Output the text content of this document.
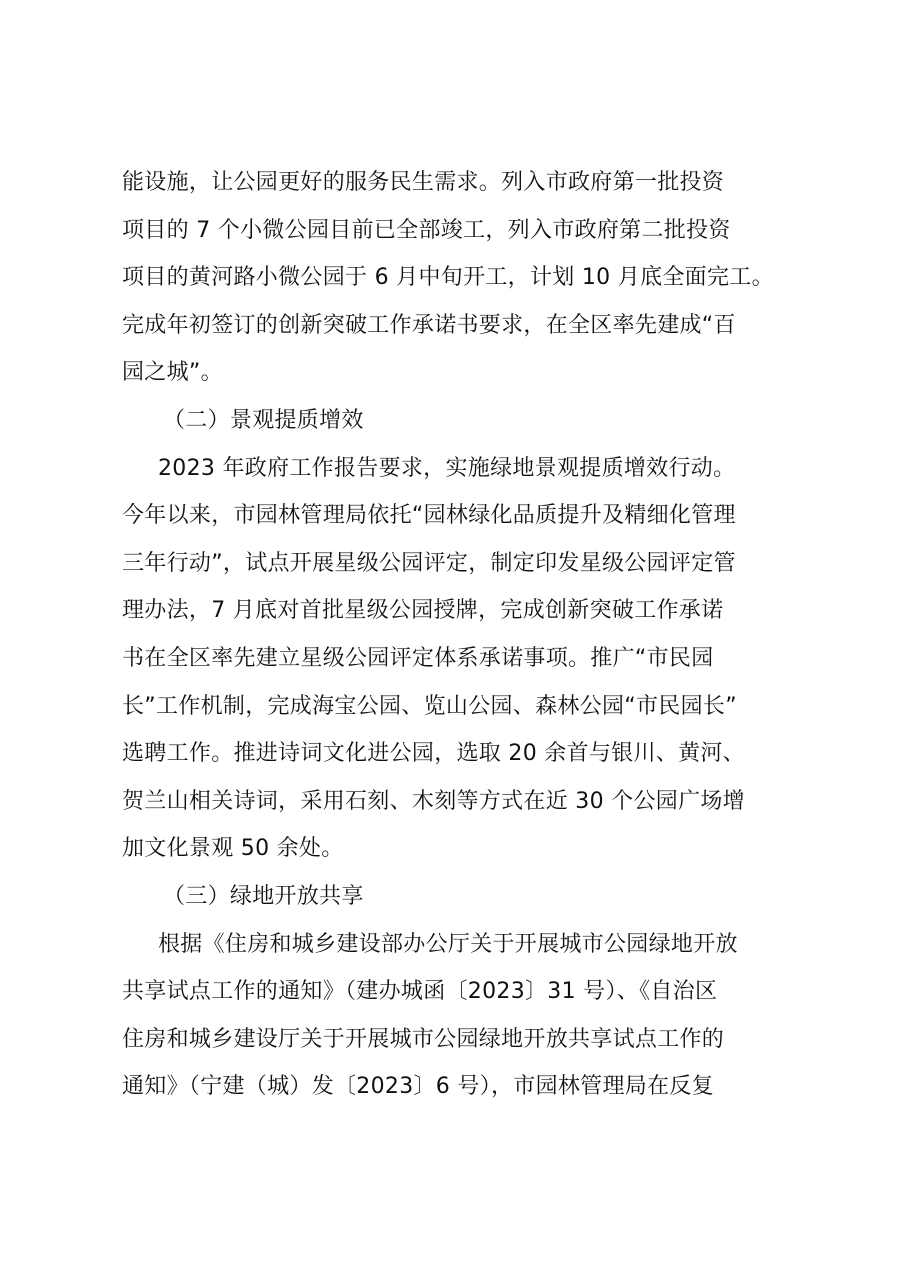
能设施，让公园更好的服务民生需求。列入市政府第一批投资
项目的 7 个小微公园目前已全部竣工，列入市政府第二批投资
项目的黄河路小微公园于 6 月中旬开工，计划 10 月底全面完工。
完成年初签订的创新突破工作承诺书要求，在全区率先建成“百
园之城”。
（二）景观提质增效
2023 年政府工作报告要求，实施绿地景观提质增效行动。
今年以来，市园林管理局依托“园林绿化品质提升及精细化管理
三年行动”，试点开展星级公园评定，制定印发星级公园评定管
理办法，7 月底对首批星级公园授牌，完成创新突破工作承诺
书在全区率先建立星级公园评定体系承诺事项。推广“市民园
长”工作机制，完成海宝公园、览山公园、森林公园“市民园长”
选聘工作。推进诗词文化进公园，选取 20 余首与银川、黄河、
贺兰山相关诗词，采用石刻、木刻等方式在近 30 个公园广场增
加文化景观 50 余处。
（三）绿地开放共享
根据《住房和城乡建设部办公厅关于开展城市公园绿地开放
共享试点工作的通知》（建办城函〔2023〕31 号）、《自治区
住房和城乡建设厅关于开展城市公园绿地开放共享试点工作的
通知》（宁建（城）发〔2023〕6 号），市园林管理局在反复
